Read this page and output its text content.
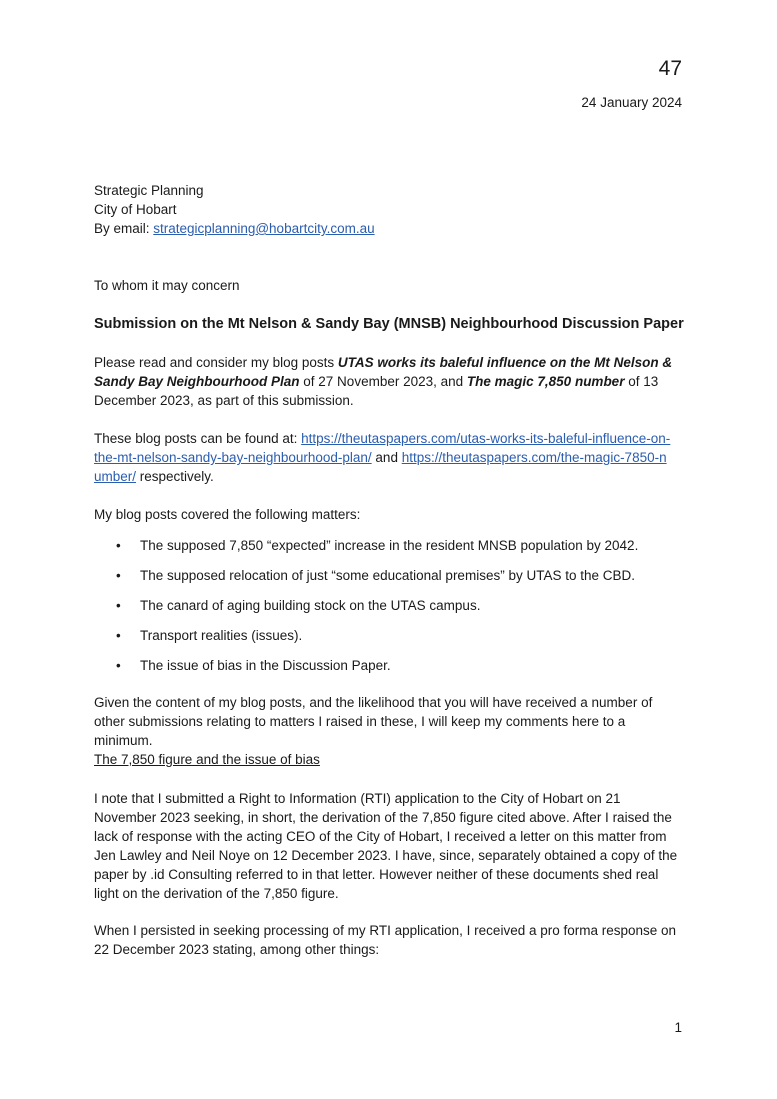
47
24 January 2024
Strategic Planning
City of Hobart
By email: strategicplanning@hobartcity.com.au
To whom it may concern
Submission on the Mt Nelson & Sandy Bay (MNSB) Neighbourhood Discussion Paper
Please read and consider my blog posts UTAS works its baleful influence on the Mt Nelson & Sandy Bay Neighbourhood Plan of 27 November 2023, and The magic 7,850 number of 13 December 2023, as part of this submission.
These blog posts can be found at: https://theutaspapers.com/utas-works-its-baleful-influence-on-the-mt-nelson-sandy-bay-neighbourhood-plan/ and https://theutaspapers.com/the-magic-7850-number/ respectively.
My blog posts covered the following matters:
• The supposed 7,850 “expected” increase in the resident MNSB population by 2042.
• The supposed relocation of just “some educational premises” by UTAS to the CBD.
• The canard of aging building stock on the UTAS campus.
• Transport realities (issues).
• The issue of bias in the Discussion Paper.
Given the content of my blog posts, and the likelihood that you will have received a number of other submissions relating to matters I raised in these, I will keep my comments here to a minimum.
The 7,850 figure and the issue of bias
I note that I submitted a Right to Information (RTI) application to the City of Hobart on 21 November 2023 seeking, in short, the derivation of the 7,850 figure cited above. After I raised the lack of response with the acting CEO of the City of Hobart, I received a letter on this matter from Jen Lawley and Neil Noye on 12 December 2023. I have, since, separately obtained a copy of the paper by .id Consulting referred to in that letter. However neither of these documents shed real light on the derivation of the 7,850 figure.
When I persisted in seeking processing of my RTI application, I received a pro forma response on 22 December 2023 stating, among other things:
1
